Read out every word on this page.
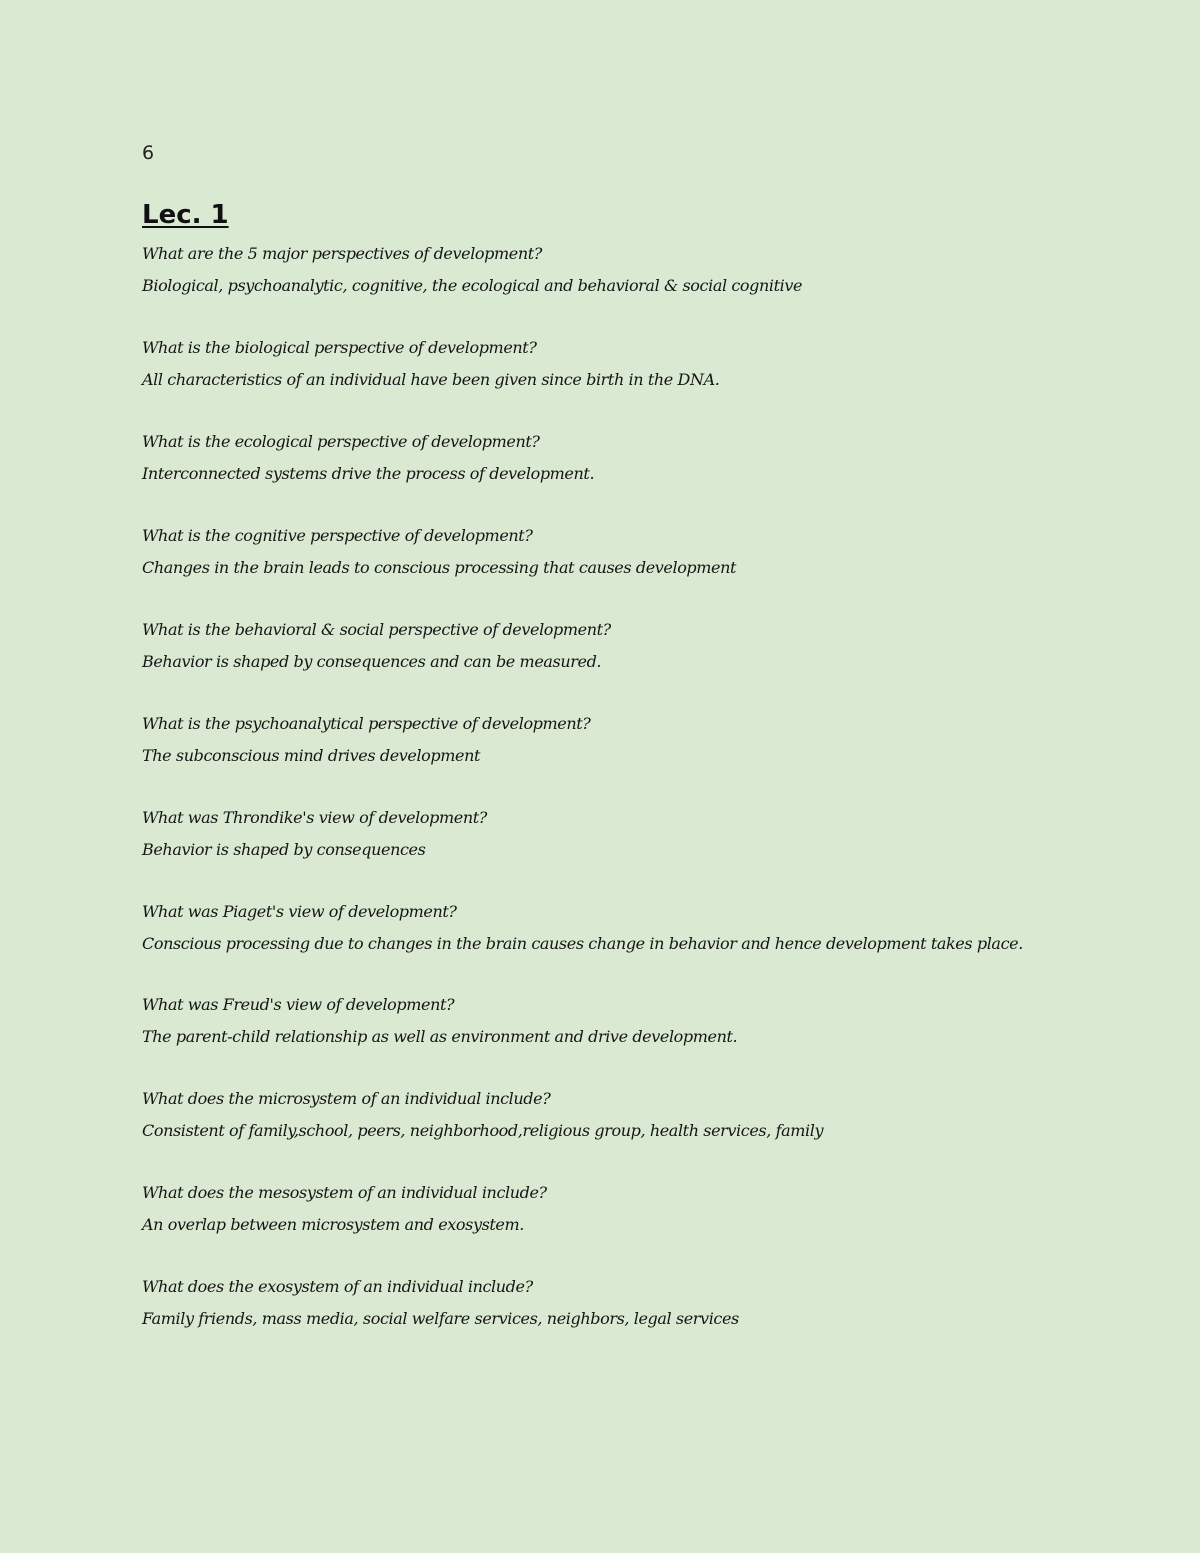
6
Lec. 1

What are the 5 major perspectives of development?

Biological, psychoanalytic, cognitive, the ecological and behavioral & social cognitive

What is the biological perspective of development?

All characteristics of an individual have been given since birth in the DNA.

What is the ecological perspective of development?

Interconnected systems drive the process of development.

What is the cognitive perspective of development?

Changes in the brain leads to conscious processing that causes development

What is the behavioral & social perspective of development?

Behavior is shaped by consequences and can be measured.

What is the psychoanalytical perspective of development?

The subconscious mind drives development

What was Throndike's view of development?

Behavior is shaped by consequences

What was Piaget's view of development?

Conscious processing due to changes in the brain causes change in behavior and hence development takes place.

What was Freud's view of development?

The parent-child relationship as well as environment and drive development.

What does the microsystem of an individual include?

Consistent of family,school, peers, neighborhood,religious group, health services, family

What does the mesosystem of an individual include?

An overlap between microsystem and exosystem.

What does the exosystem of an individual include?

Family friends, mass media, social welfare services, neighbors, legal services
